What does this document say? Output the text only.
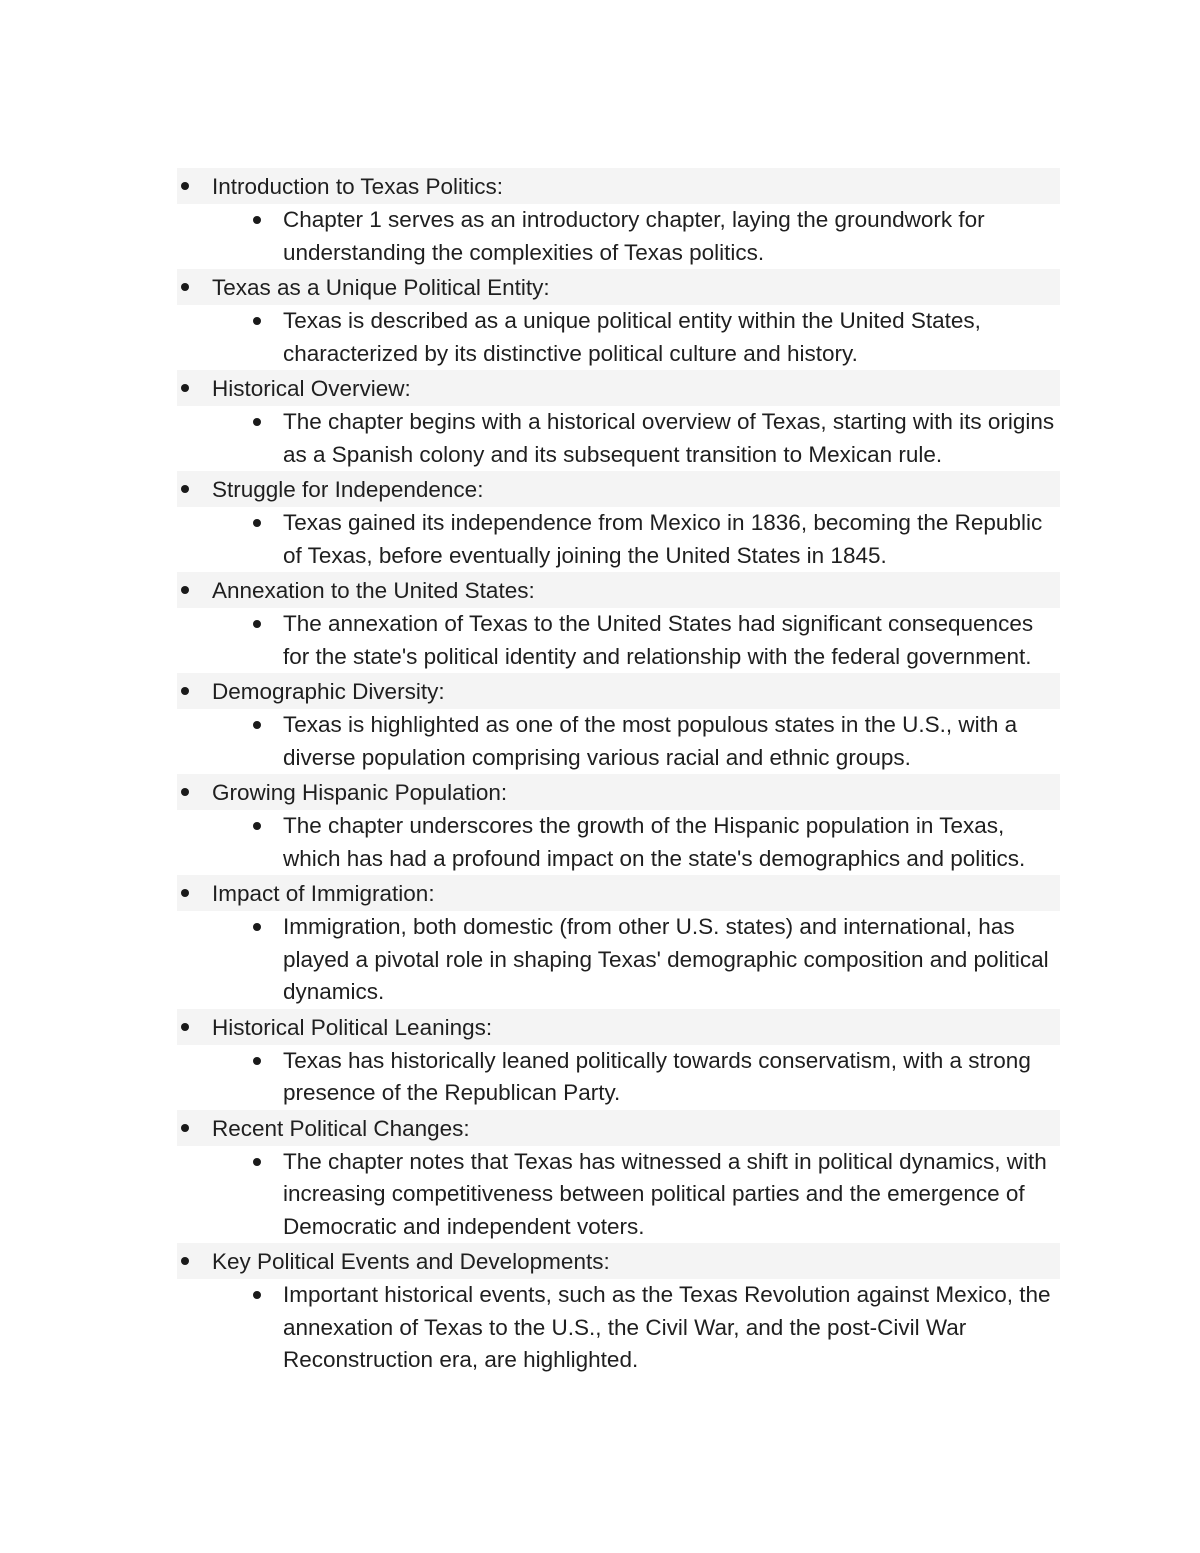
Introduction to Texas Politics:
Chapter 1 serves as an introductory chapter, laying the groundwork for understanding the complexities of Texas politics.
Texas as a Unique Political Entity:
Texas is described as a unique political entity within the United States, characterized by its distinctive political culture and history.
Historical Overview:
The chapter begins with a historical overview of Texas, starting with its origins as a Spanish colony and its subsequent transition to Mexican rule.
Struggle for Independence:
Texas gained its independence from Mexico in 1836, becoming the Republic of Texas, before eventually joining the United States in 1845.
Annexation to the United States:
The annexation of Texas to the United States had significant consequences for the state's political identity and relationship with the federal government.
Demographic Diversity:
Texas is highlighted as one of the most populous states in the U.S., with a diverse population comprising various racial and ethnic groups.
Growing Hispanic Population:
The chapter underscores the growth of the Hispanic population in Texas, which has had a profound impact on the state's demographics and politics.
Impact of Immigration:
Immigration, both domestic (from other U.S. states) and international, has played a pivotal role in shaping Texas' demographic composition and political dynamics.
Historical Political Leanings:
Texas has historically leaned politically towards conservatism, with a strong presence of the Republican Party.
Recent Political Changes:
The chapter notes that Texas has witnessed a shift in political dynamics, with increasing competitiveness between political parties and the emergence of Democratic and independent voters.
Key Political Events and Developments:
Important historical events, such as the Texas Revolution against Mexico, the annexation of Texas to the U.S., the Civil War, and the post-Civil War Reconstruction era, are highlighted.
